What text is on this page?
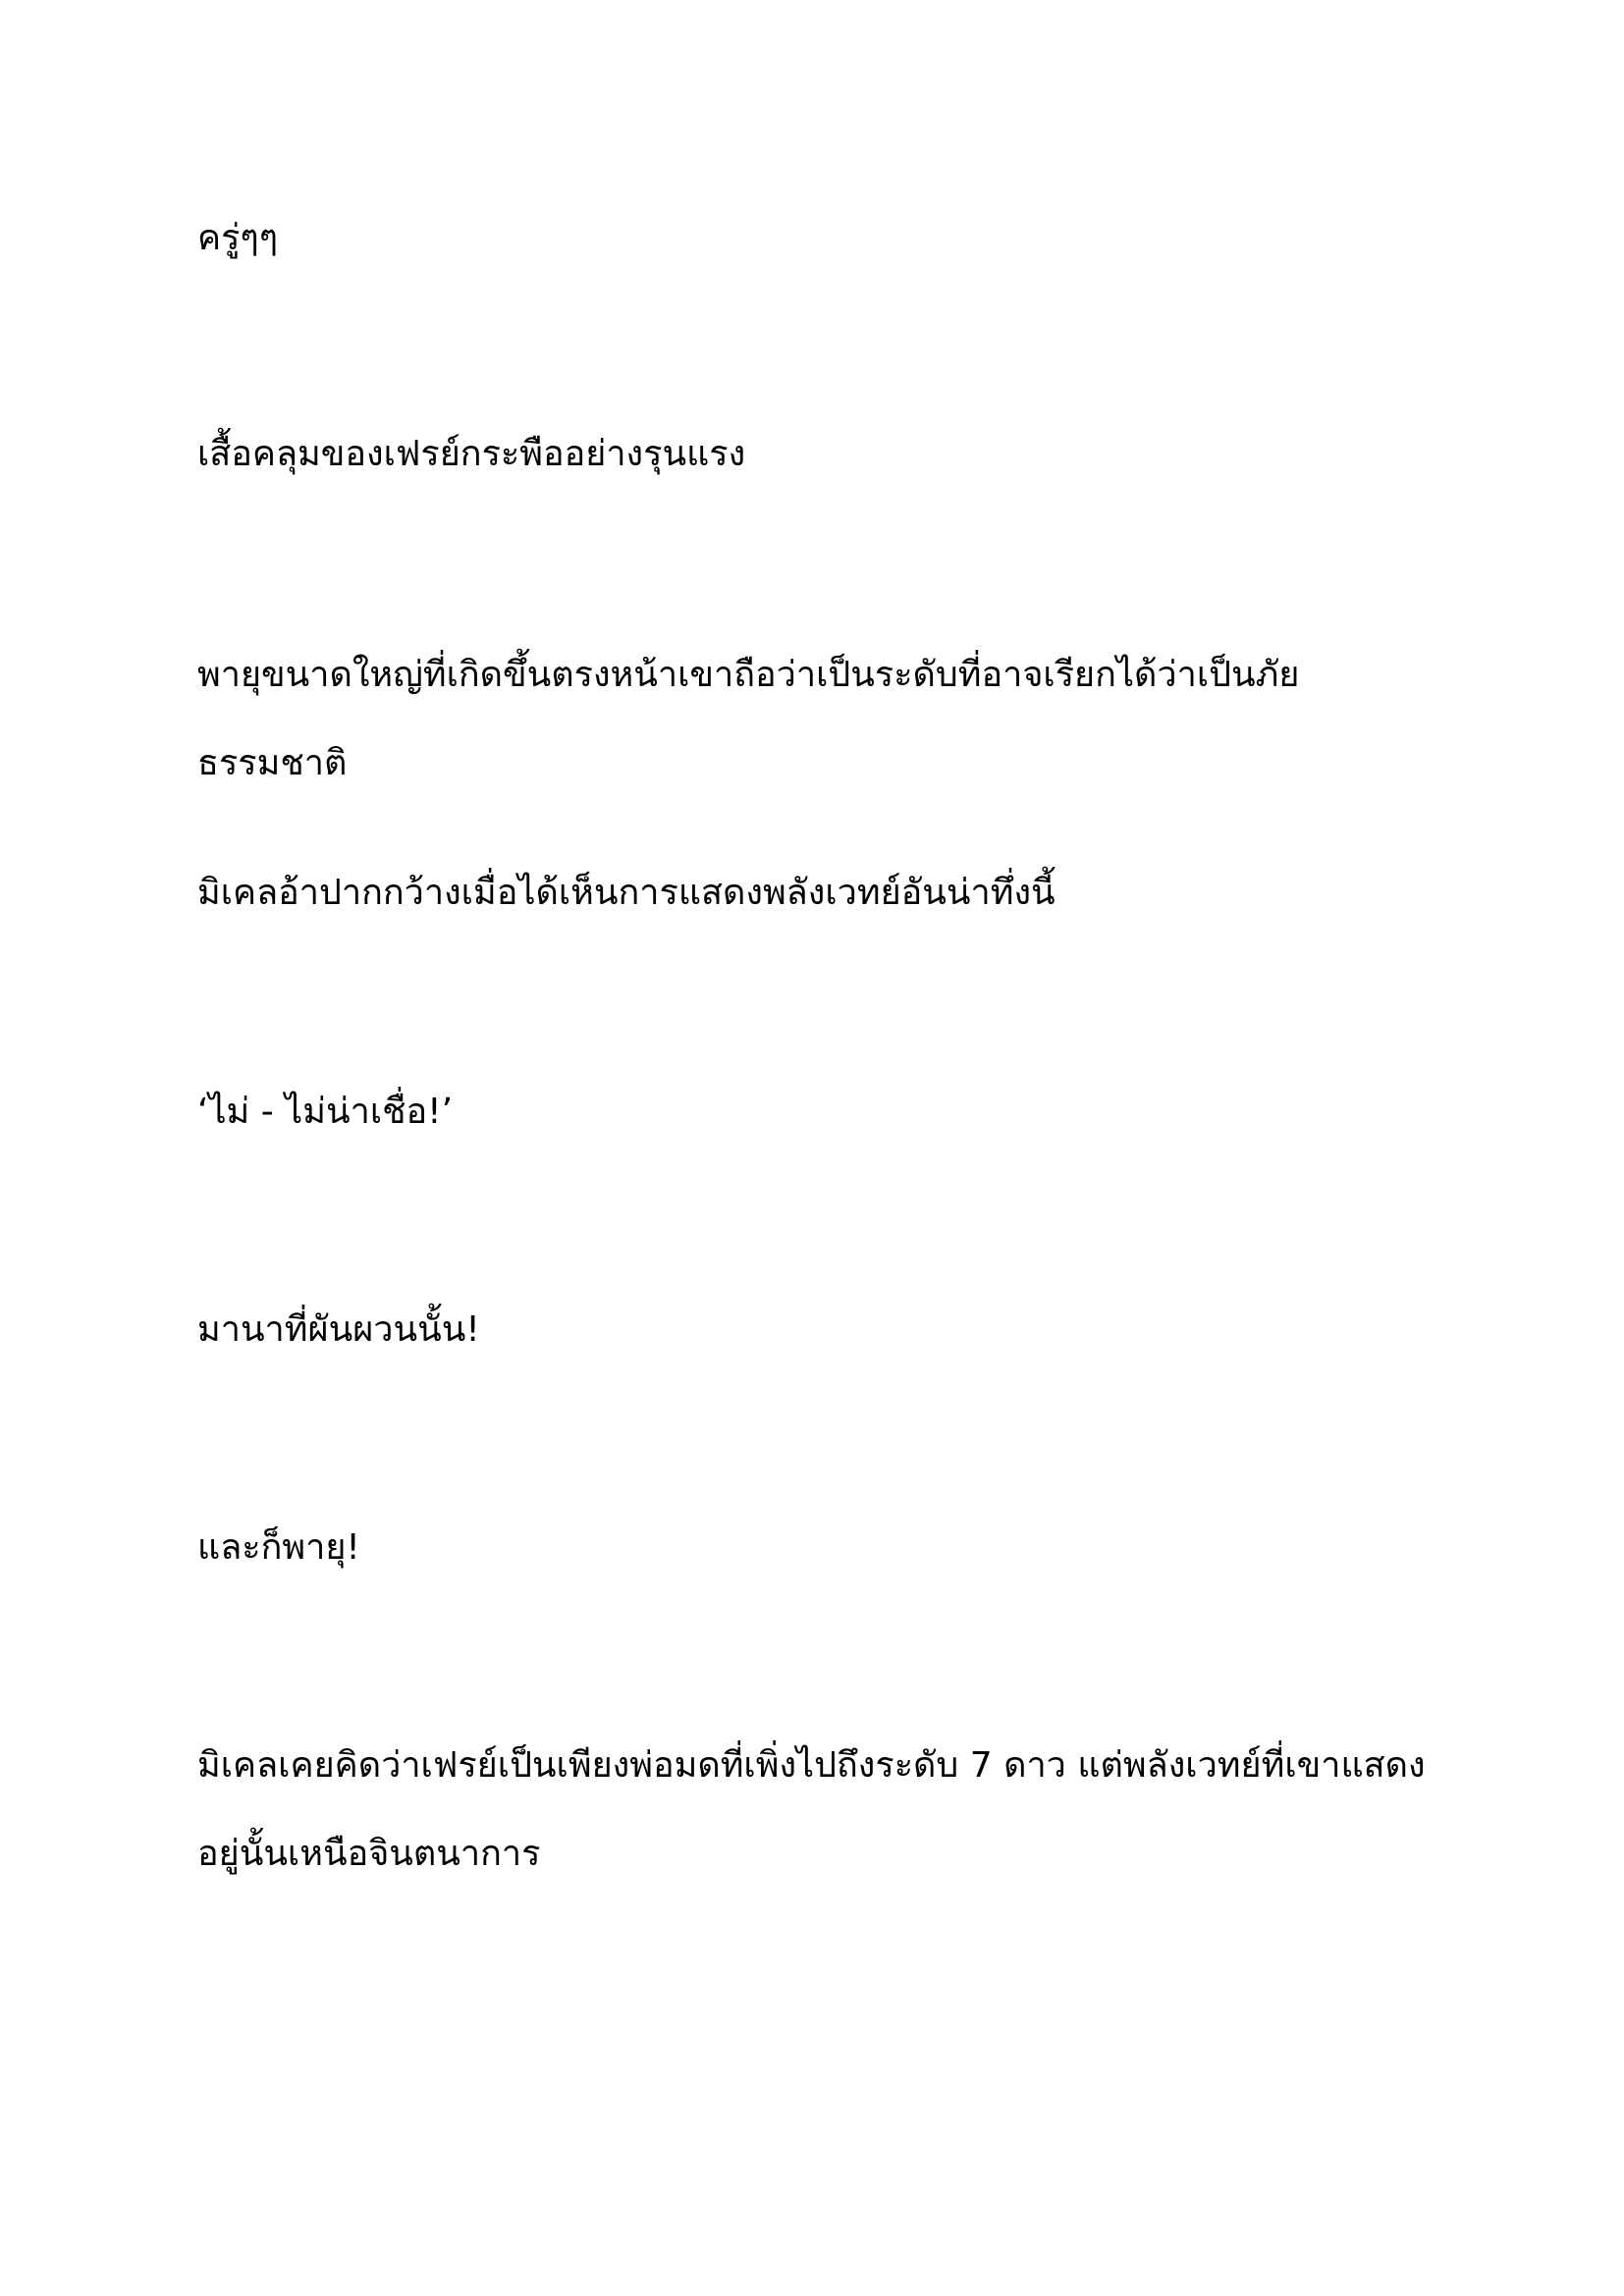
ครู่ๆๆ

เสื้อคลุมของเฟรย์กระพืออย่างรุนแรง

พายุขนาดใหญ่ที่เกิดขึ้นตรงหน้าเขาถือว่าเป็นระดับที่อาจเรียกได้ว่าเป็นภัยธรรมชาติ

มิเคลอ้าปากกว้างเมื่อได้เห็นการแสดงพลังเวทย์อันน่าทึ่งนี้

‘ไม่ - ไม่น่าเชื่อ!’

มานาที่ผันผวนนั้น!

และก็พายุ!

มิเคลเคยคิดว่าเฟรย์เป็นเพียงพ่อมดที่เพิ่งไปถึงระดับ 7 ดาว แต่พลังเวทย์ที่เขาแสดงอยู่นั้นเหนือจินตนาการ
